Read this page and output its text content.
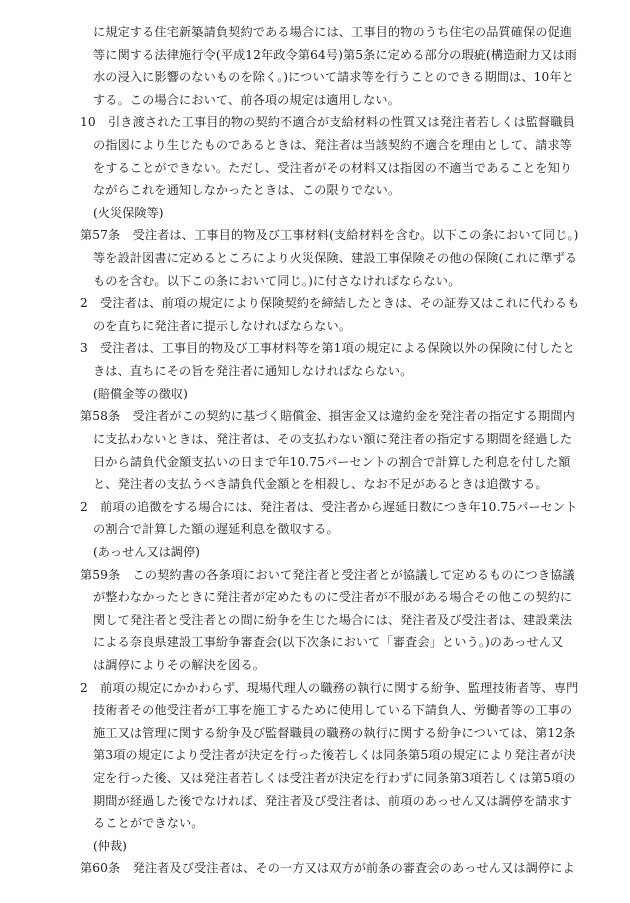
に規定する住宅新築請負契約である場合には、工事目的物のうち住宅の品質確保の促進
等に関する法律施行令(平成12年政令第64号)第5条に定める部分の瑕疵(構造耐力又は雨
水の浸入に影響のないものを除く。)について請求等を行うことのできる期間は、10年と
する。この場合において、前各項の規定は適用しない。
10　引き渡された工事目的物の契約不適合が支給材料の性質又は発注者若しくは監督職員
の指図により生じたものであるときは、発注者は当該契約不適合を理由として、請求等
をすることができない。ただし、受注者がその材料又は指図の不適当であることを知り
ながらこれを通知しなかったときは、この限りでない。
(火災保険等)
第57条　受注者は、工事目的物及び工事材料(支給材料を含む。以下この条において同じ。)
等を設計図書に定めるところにより火災保険、建設工事保険その他の保険(これに準ずる
ものを含む。以下この条において同じ。)に付さなければならない。
2　受注者は、前項の規定により保険契約を締結したときは、その証券又はこれに代わるも
のを直ちに発注者に提示しなければならない。
3　受注者は、工事目的物及び工事材料等を第1項の規定による保険以外の保険に付したと
きは、直ちにその旨を発注者に通知しなければならない。
(賠償金等の徴収)
第58条　受注者がこの契約に基づく賠償金、損害金又は違約金を発注者の指定する期間内
に支払わないときは、発注者は、その支払わない額に発注者の指定する期間を経過した
日から請負代金額支払いの日まで年10.75パーセントの割合で計算した利息を付した額
と、発注者の支払うべき請負代金額とを相殺し、なお不足があるときは追徴する。
2　前項の追徴をする場合には、発注者は、受注者から遅延日数につき年10.75パーセント
の割合で計算した額の遅延利息を徴収する。
(あっせん又は調停)
第59条　この契約書の各条項において発注者と受注者とが協議して定めるものにつき協議
が整わなかったときに発注者が定めたものに受注者が不服がある場合その他この契約に
関して発注者と受注者との間に紛争を生じた場合には、発注者及び受注者は、建設業法
による奈良県建設工事紛争審査会(以下次条において「審査会」という。)のあっせん又
は調停によりその解決を図る。
2　前項の規定にかかわらず、現場代理人の職務の執行に関する紛争、監理技術者等、専門
技術者その他受注者が工事を施工するために使用している下請負人、労働者等の工事の
施工又は管理に関する紛争及び監督職員の職務の執行に関する紛争については、第12条
第3項の規定により受注者が決定を行った後若しくは同条第5項の規定により発注者が決
定を行った後、又は発注者若しくは受注者が決定を行わずに同条第3項若しくは第5項の
期間が経過した後でなければ、発注者及び受注者は、前項のあっせん又は調停を請求す
ることができない。
(仲裁)
第60条　発注者及び受注者は、その一方又は双方が前条の審査会のあっせん又は調停によ
